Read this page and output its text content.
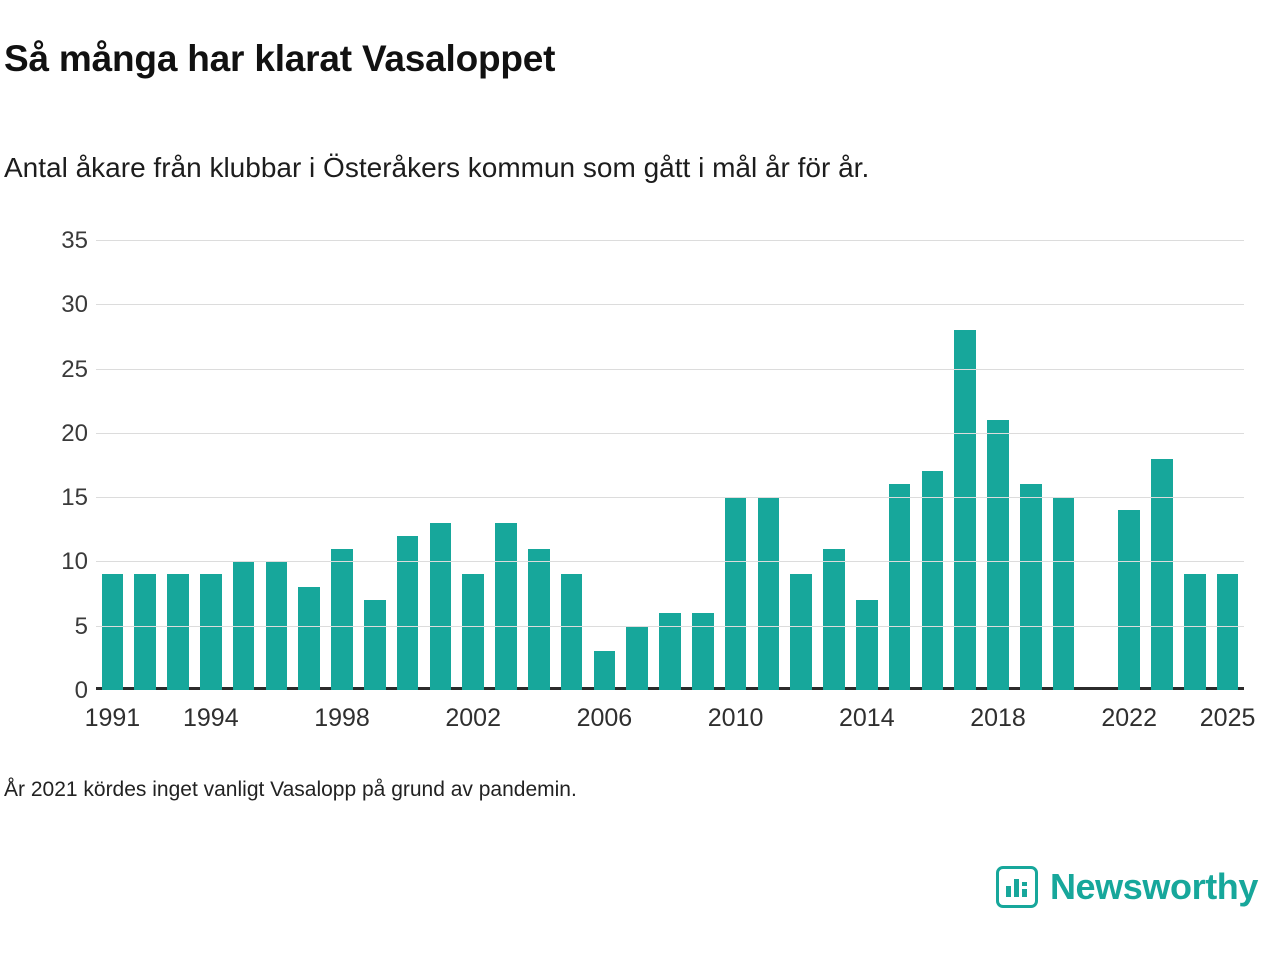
Så många har klarat Vasaloppet
Antal åkare från klubbar i Österåkers kommun som gått i mål år för år.
0
5
10
15
20
25
30
35
1991 1994	1998	2002	2006	2010	2014	2018	2022 2025
År 2021 kördes inget vanligt Vasalopp på grund av pandemin.
Newsworthy
